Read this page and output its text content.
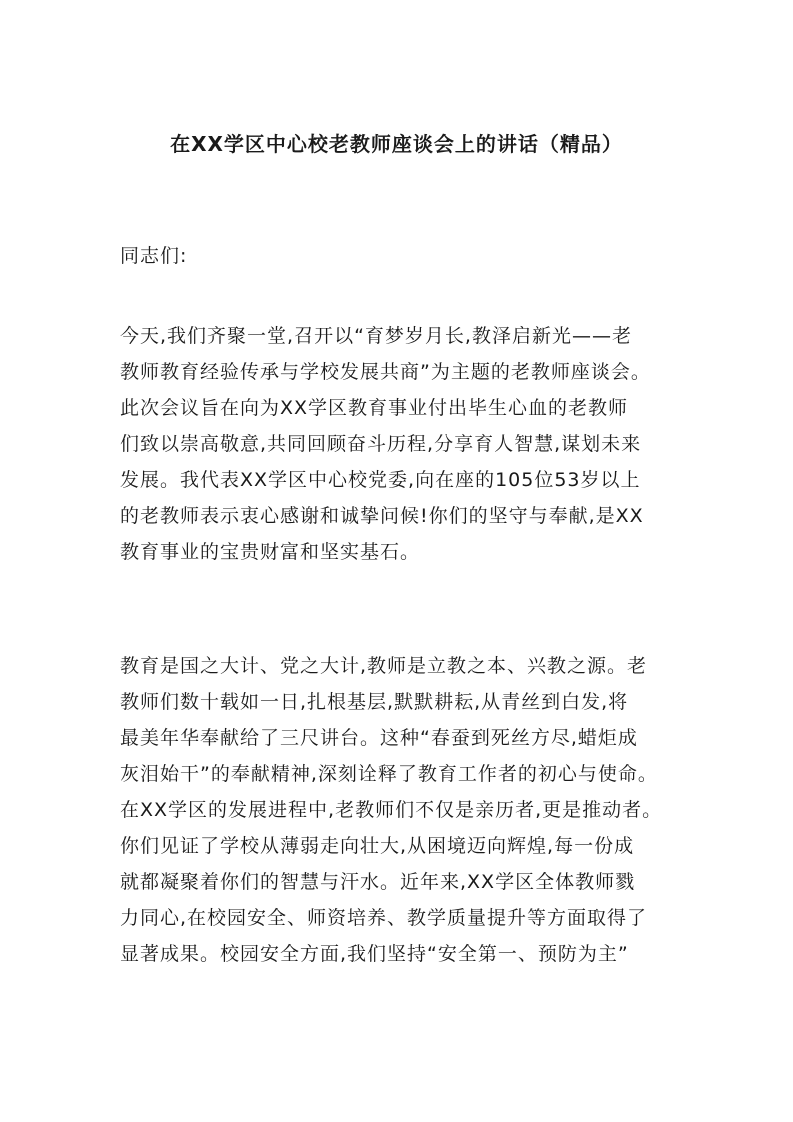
在XX学区中心校老教师座谈会上的讲话（精品）
同志们:
今天,我们齐聚一堂,召开以“育梦岁月长,教泽启新光——老
教师教育经验传承与学校发展共商”为主题的老教师座谈会。
此次会议旨在向为XX学区教育事业付出毕生心血的老教师
们致以崇高敬意,共同回顾奋斗历程,分享育人智慧,谋划未来
发展。我代表XX学区中心校党委,向在座的105位53岁以上
的老教师表示衷心感谢和诚挚问候!你们的坚守与奉献,是XX
教育事业的宝贵财富和坚实基石。
教育是国之大计、党之大计,教师是立教之本、兴教之源。老
教师们数十载如一日,扎根基层,默默耕耘,从青丝到白发,将
最美年华奉献给了三尺讲台。这种“春蚕到死丝方尽,蜡炬成
灰泪始干”的奉献精神,深刻诠释了教育工作者的初心与使命。
在XX学区的发展进程中,老教师们不仅是亲历者,更是推动者。
你们见证了学校从薄弱走向壮大,从困境迈向辉煌,每一份成
就都凝聚着你们的智慧与汗水。近年来,XX学区全体教师戮
力同心,在校园安全、师资培养、教学质量提升等方面取得了
显著成果。校园安全方面,我们坚持“安全第一、预防为主”
